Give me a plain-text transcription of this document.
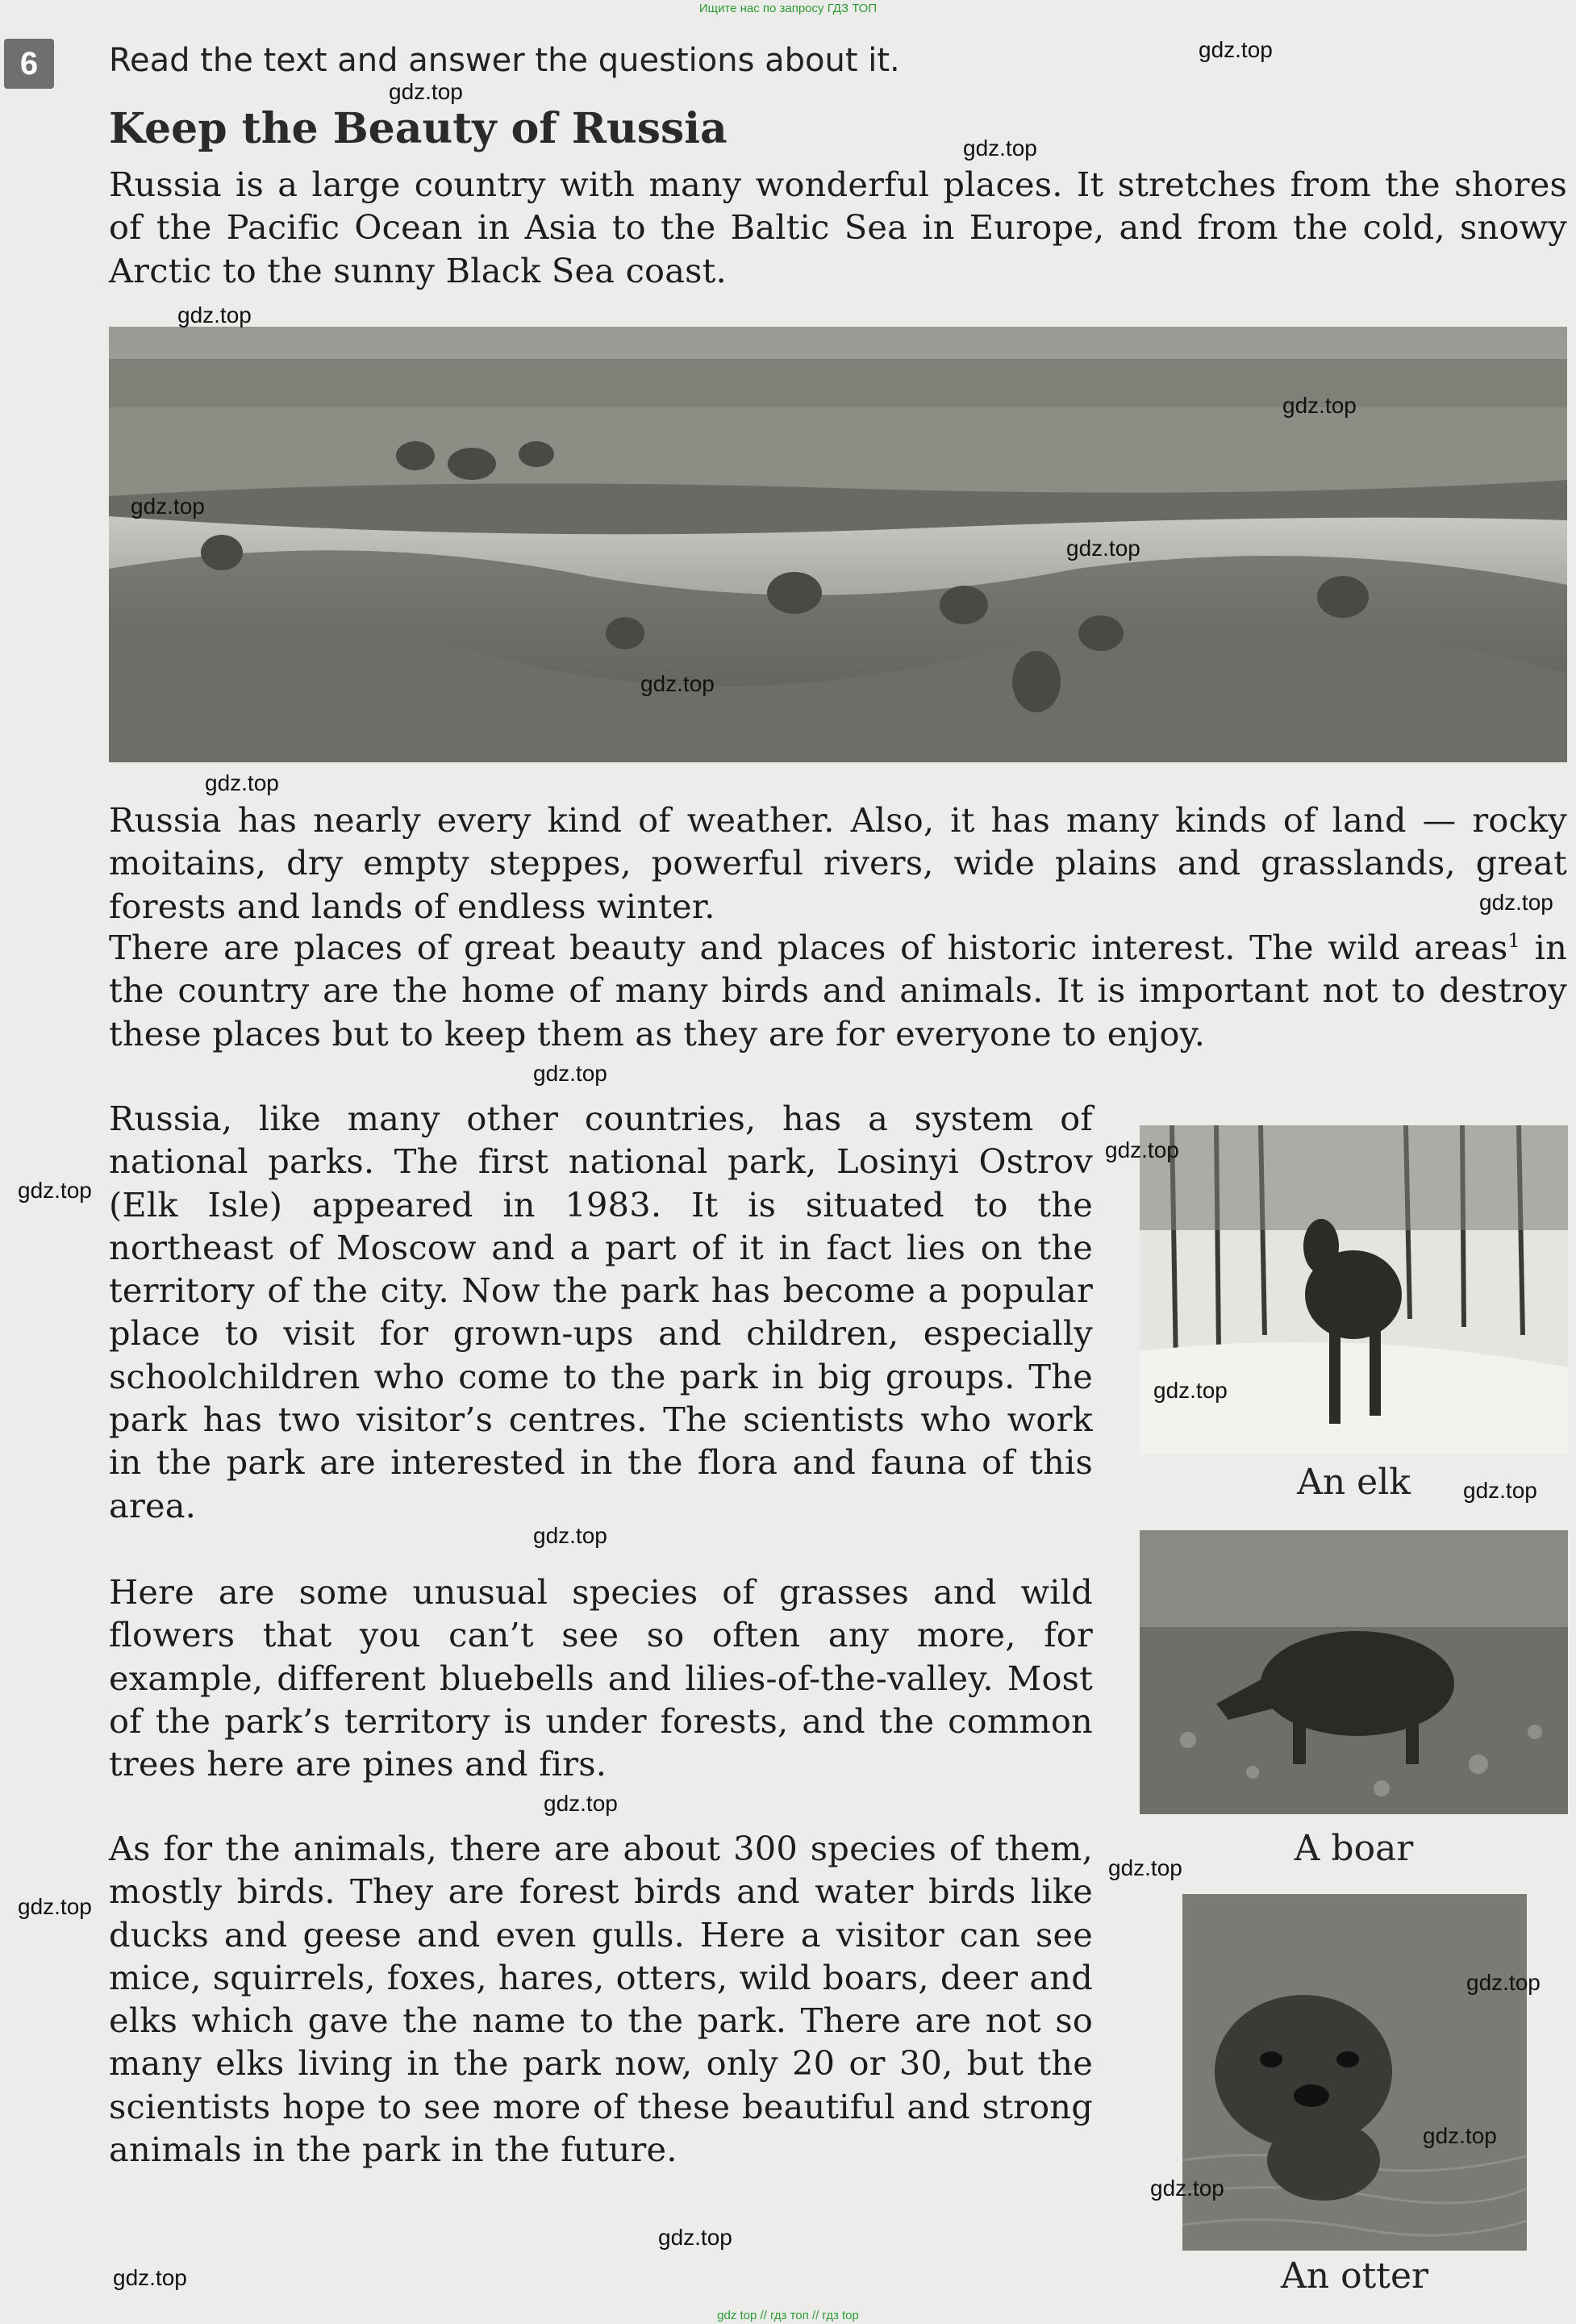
Ищите нас по запросу ГДЗ ТОП
6	Read the text and answer the questions about it.
Keep the Beauty of Russia

Russia is a large country with many wonderful places. It stretches from the shores of the Pacific Ocean in Asia to the Baltic Sea in Europe, and from the cold, snowy Arctic to the sunny Black Sea coast.

Russia has nearly every kind of weather. Also, it has many kinds of land — rocky moitains, dry empty steppes, powerful rivers, wide plains and grasslands, great forests and lands of endless winter.

There are places of great beauty and places of historic interest. The wild areas$^1$ in the country are the home of many birds and animals. It is important not to destroy these places but to keep them as they are for everyone to enjoy.

Russia, like many other countries, has a system of national parks. The first national park, Losinyi Ostrov (Elk Isle) appeared in 1983. It is situated to the northeast of Moscow and a part of it in fact lies on the territory of the city. Now the park has become a popular place to visit for grown-ups and children, especially schoolchildren who come to the park in big groups. The park has two visitor’s centres. The scientists who work in the park are interested in the flora and fauna of this area.

Here are some unusual species of grasses and wild flowers that you can’t see so often any more, for example, different bluebells and lilies-of-the-valley. Most of the park’s territory is under forests, and the common trees here are pines and firs.

As for the animals, there are about 300 species of them, mostly birds. They are forest birds and water birds like ducks and geese and even gulls. Here a visitor can see mice, squirrels, foxes, hares, otters, wild boars, deer and elks which gave the name to the park. There are not so many elks living in the park now, only 20 or 30, but the scientists hope to see more of these beautiful and strong animals in the park in the future.

An elk
A boar
An otter
gdz.top
gdz.top
gdz.top
gdz.top
gdz.top
gdz.top
gdz.top
gdz.top
gdz.top
gdz.top
gdz.top
gdz.top
gdz.top
gdz.top
gdz.top
gdz.top
gdz.top
gdz.top
gdz.top
gdz.top
gdz.top
gdz.top
gdz.top
gdz.top
gdz top // гдз топ // гдз top
